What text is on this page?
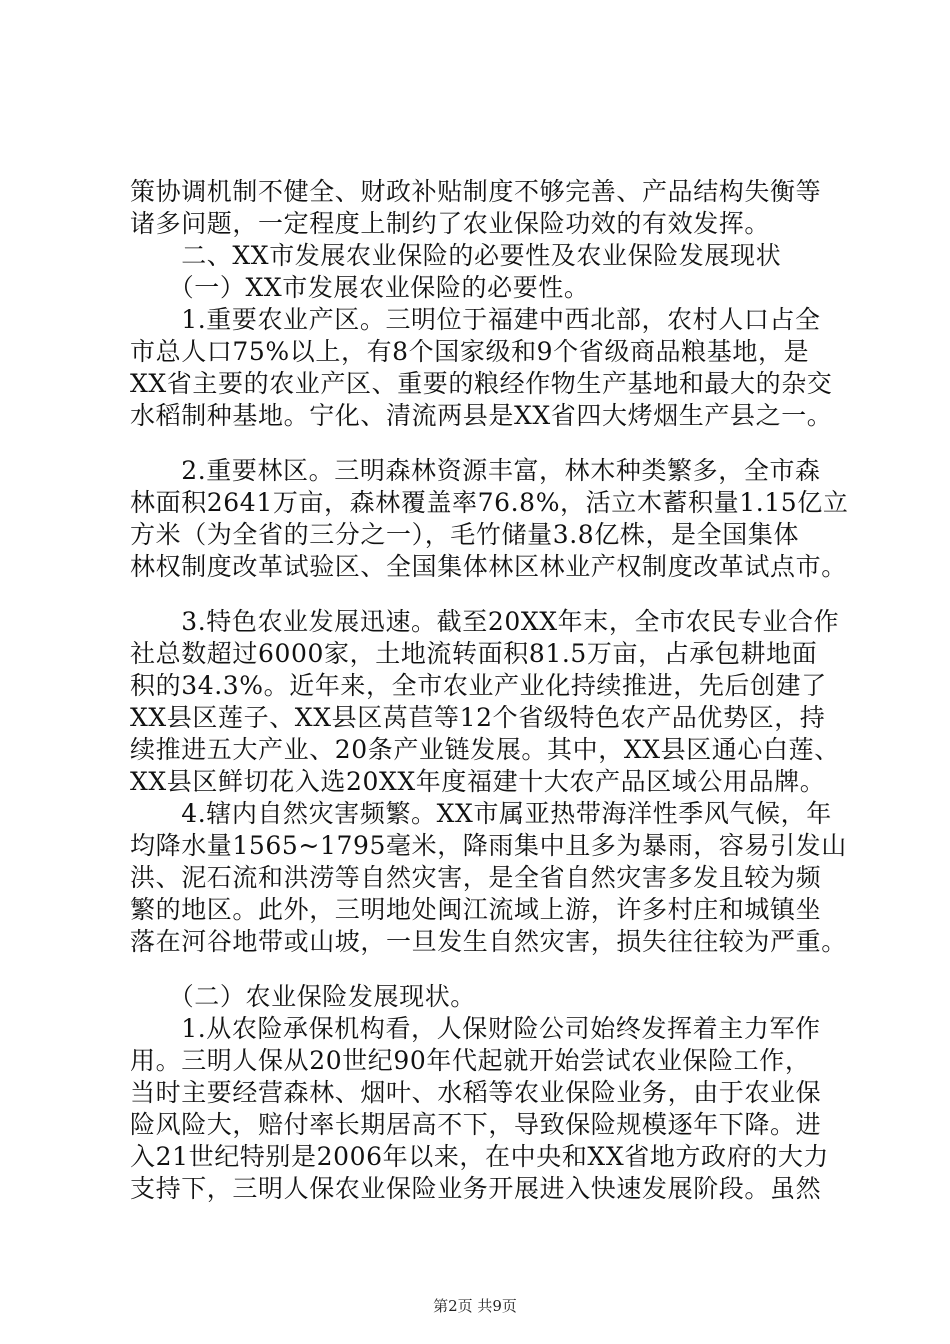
策协调机制不健全、财政补贴制度不够完善、产品结构失衡等
诸多问题，一定程度上制约了农业保险功效的有效发挥。
　　二、XX市发展农业保险的必要性及农业保险发展现状
　　（一）XX市发展农业保险的必要性。
　　1.重要农业产区。三明位于福建中西北部，农村人口占全
市总人口75%以上，有8个国家级和9个省级商品粮基地，是
XX省主要的农业产区、重要的粮经作物生产基地和最大的杂交
水稻制种基地。宁化、清流两县是XX省四大烤烟生产县之一。
　　2.重要林区。三明森林资源丰富，林木种类繁多，全市森
林面积2641万亩，森林覆盖率76.8%，活立木蓄积量1.15亿立
方米（为全省的三分之一），毛竹储量3.8亿株，是全国集体
林权制度改革试验区、全国集体林区林业产权制度改革试点市。
　　3.特色农业发展迅速。截至20XX年末，全市农民专业合作
社总数超过6000家，土地流转面积81.5万亩，占承包耕地面
积的34.3%。近年来，全市农业产业化持续推进，先后创建了
XX县区莲子、XX县区莴苣等12个省级特色农产品优势区，持
续推进五大产业、20条产业链发展。其中，XX县区通心白莲、
XX县区鲜切花入选20XX年度福建十大农产品区域公用品牌。
　　4.辖内自然灾害频繁。XX市属亚热带海洋性季风气候，年
均降水量1565~1795毫米，降雨集中且多为暴雨，容易引发山
洪、泥石流和洪涝等自然灾害，是全省自然灾害多发且较为频
繁的地区。此外，三明地处闽江流域上游，许多村庄和城镇坐
落在河谷地带或山坡，一旦发生自然灾害，损失往往较为严重。
　　（二）农业保险发展现状。
　　1.从农险承保机构看，人保财险公司始终发挥着主力军作
用。三明人保从20世纪90年代起就开始尝试农业保险工作，
当时主要经营森林、烟叶、水稻等农业保险业务，由于农业保
险风险大，赔付率长期居高不下，导致保险规模逐年下降。进
入21世纪特别是2006年以来，在中央和XX省地方政府的大力
支持下，三明人保农业保险业务开展进入快速发展阶段。虽然
第2页 共9页
